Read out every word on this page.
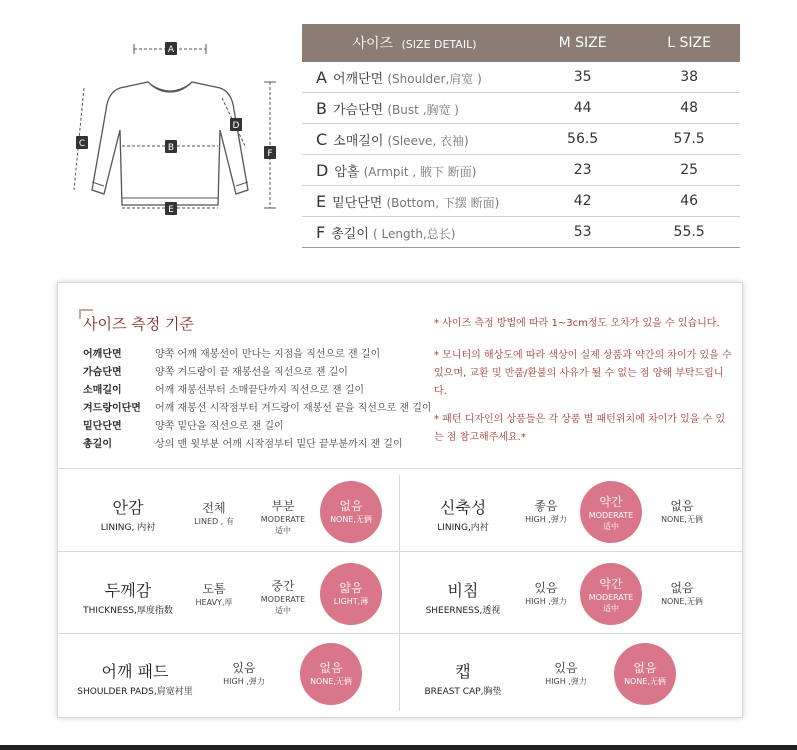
A
B
C
D
E
F
사이즈 (SIZE DETAIL)	M SIZE	L SIZE
A 어깨단면 (Shoulder,肩宽 )	35	38
B 가슴단면 (Bust ,胸宽 )	44	48
C 소매길이 (Sleeve, 衣袖)	56.5	57.5
D 암홀 (Armpit , 腋下 断面)	23	25
E 밑단단면 (Bottom, 下摆 断面)	42	46
F 총길이 ( Length,总长)	53	55.5
사이즈 측정 기준
어깨단면	양쪽 어깨 재봉선이 만나는 지점을 직선으로 잰 길이
가슴단면	양쪽 겨드랑이 끝 재봉선을 직선으로 잰 길이
소매길이	어깨 재봉선부터 소매끝단까지 직선으로 잰 길이
겨드랑이단면	어깨 재봉선 시작점부터 겨드랑이 재봉선 끝을 직선으로 잰 길이
밑단단면	양쪽 밑단을 직선으로 잰 길이
총길이	상의 맨 윗부분 어깨 시작점부터 밑단 끝부분까지 잰 길이
* 사이즈 측정 방법에 따라 1~3cm정도 오차가 있을 수 있습니다.
* 모니터의 해상도에 따라 색상이 실제 상품과 약간의 차이가 있을 수 있으며, 교환 및 반품/환불의 사유가 될 수 없는 점 양해 부탁드립니다.
* 패턴 디자인의 상품들은 각 상품 별 패턴위치에 차이가 있을 수 있는 점 참고해주세요.*
안감
LINING, 内衬
전체
LINED , 有
부분
MODERATE
适中
없음
NONE,无俩
신축성
LINING,内衬
좋음
HIGH ,弹力
약간
MODERATE
适中
없음
NONE,无俩
두께감
THICKNESS,厚度指数
도톰
HEAVY,厚
중간
MODERATE
适中
얇음
LIGHT,薄
비침
SHEERNESS,透视
있음
HIGH ,弹力
약간
MODERATE
适中
없음
NONE,无俩
어깨 패드
SHOULDER PADS,肩宽衬里
있음
HIGH ,弹力
없음
NONE,无俩
캡
BREAST CAP,胸垫
있음
HIGH ,弹力
없음
NONE,无俩
